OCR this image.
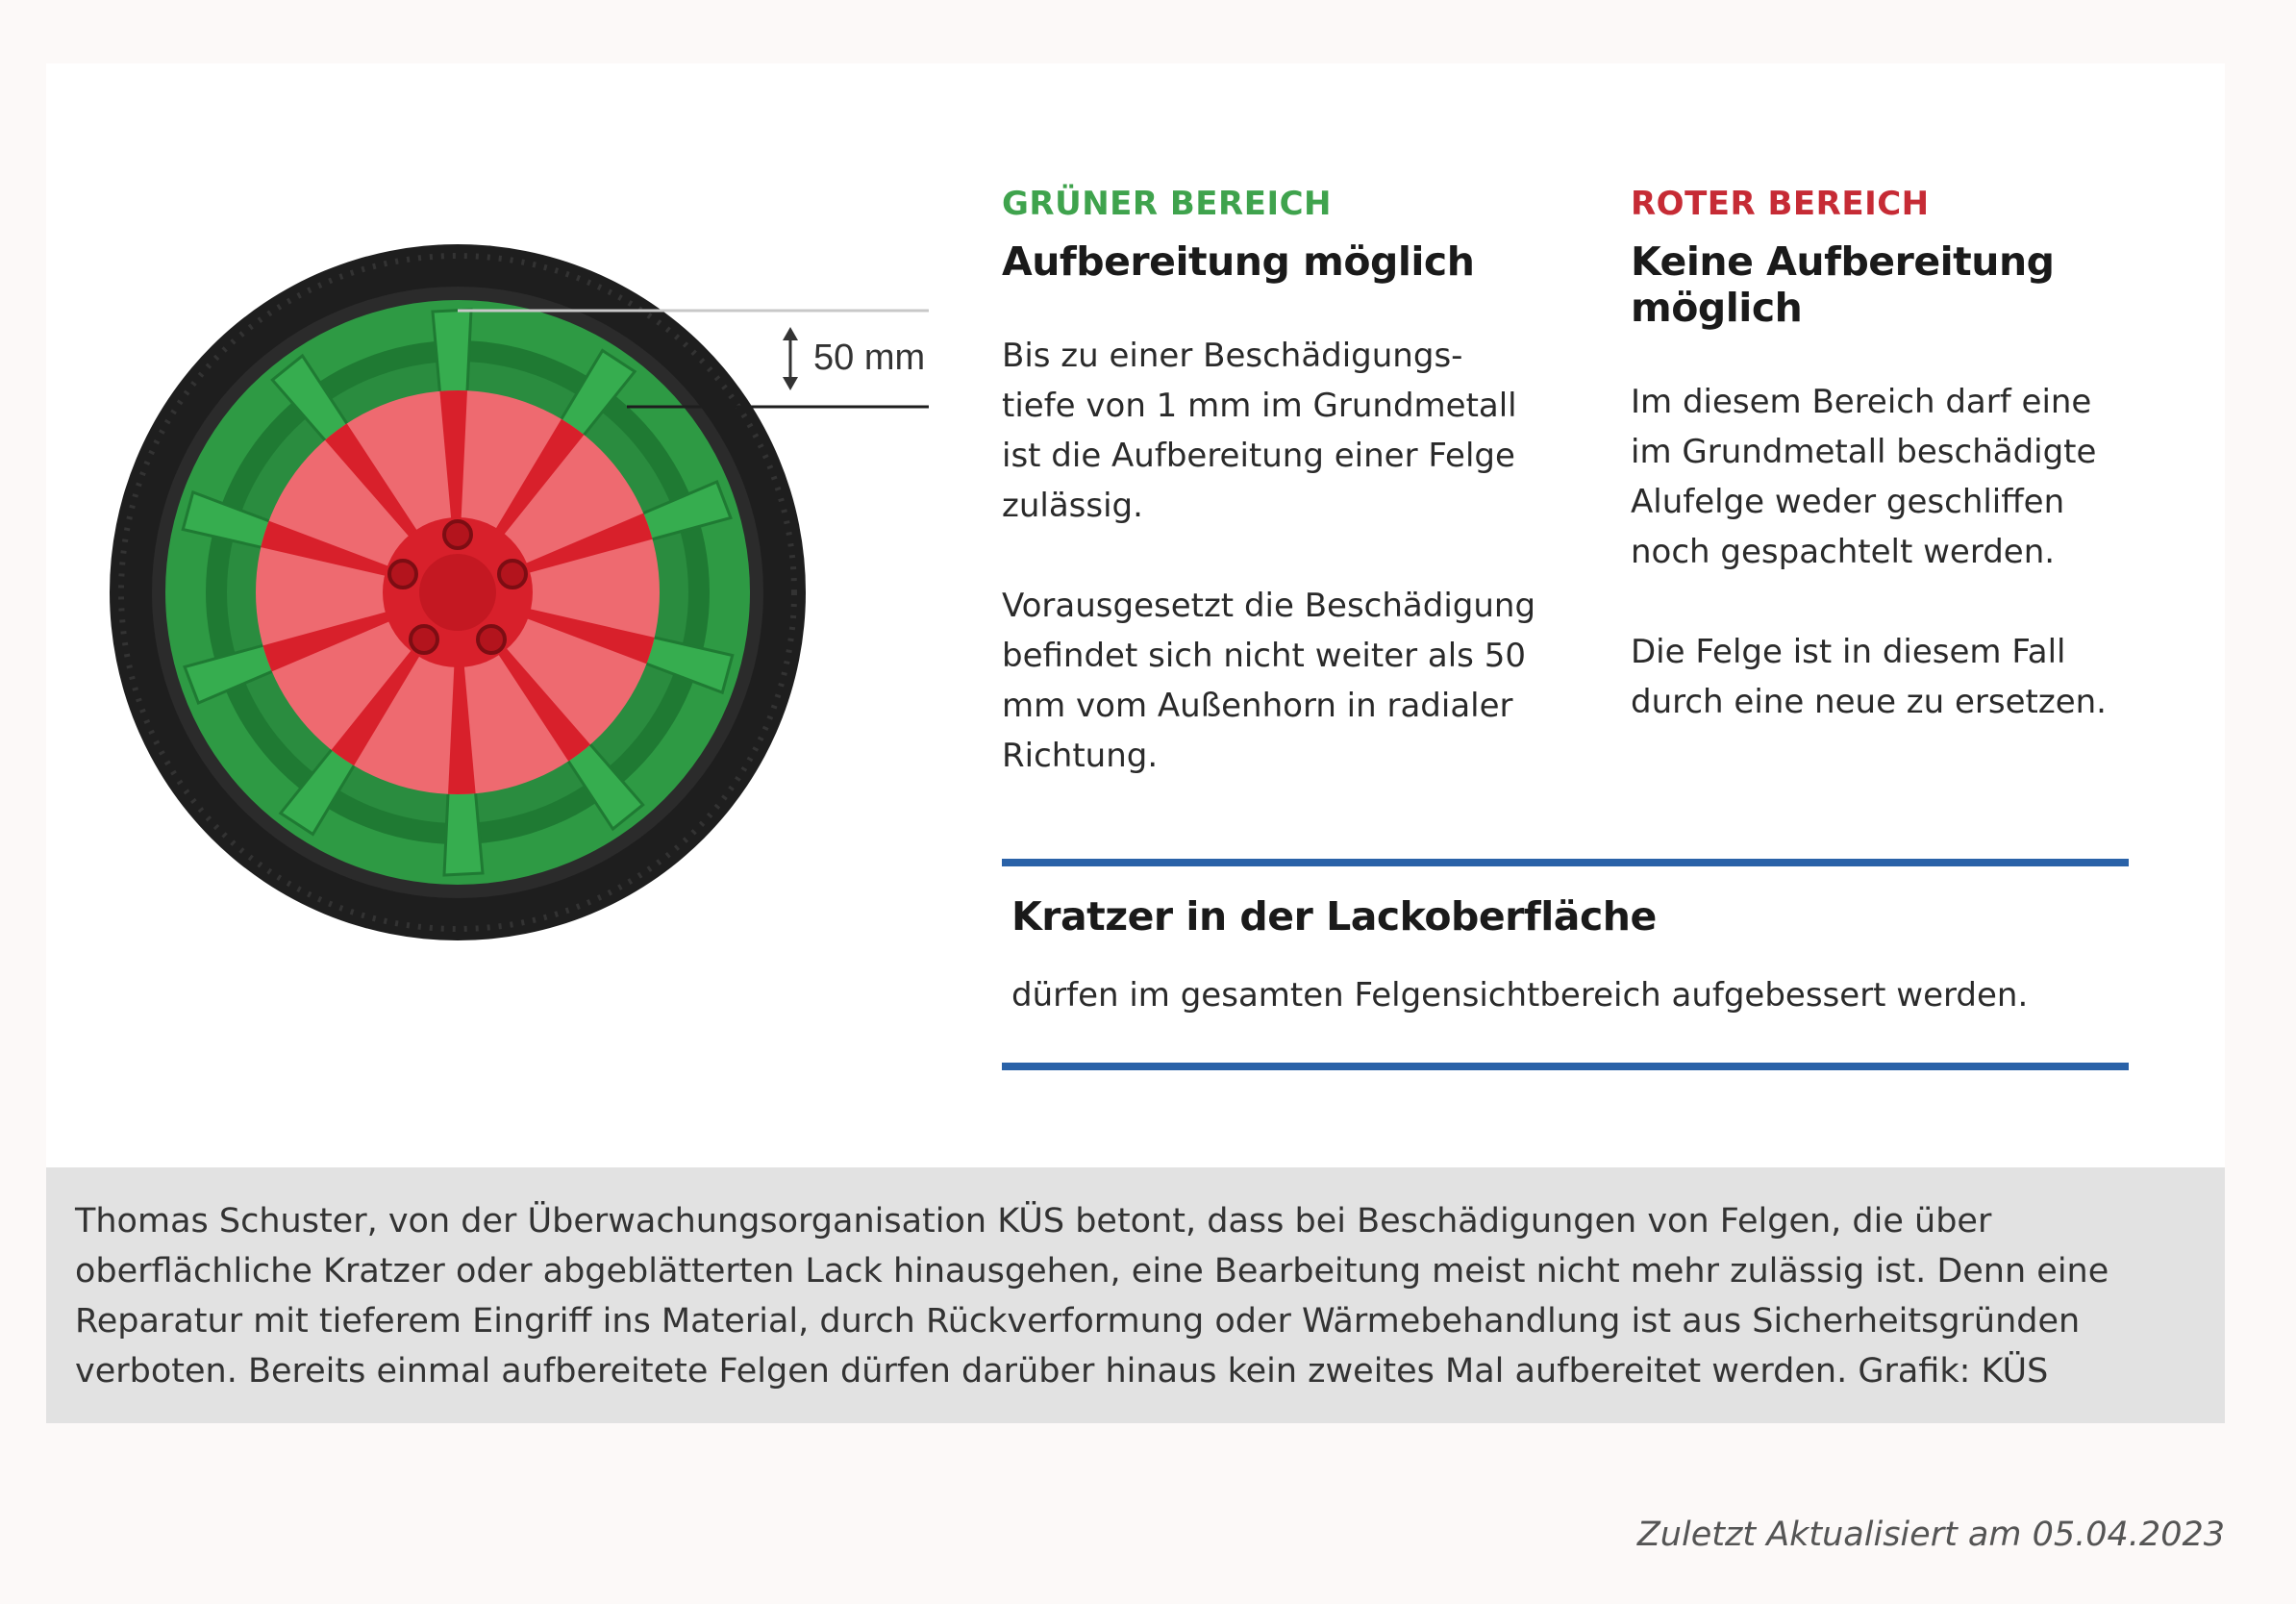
50 mm

GRÜNER BEREICH

Aufbereitung möglich

Bis zu einer Beschädigungs-
tiefe von 1 mm im Grundmetall
ist die Aufbereitung einer Felge
zulässig.

Vorausgesetzt die Beschädigung
befindet sich nicht weiter als 50
mm vom Außenhorn in radialer
Richtung.

ROTER BEREICH

Keine Aufbereitung möglich

Im diesem Bereich darf eine
im Grundmetall beschädigte
Alufelge weder geschliffen
noch gespachtelt werden.

Die Felge ist in diesem Fall
durch eine neue zu ersetzen.

Kratzer in der Lackoberfläche

dürfen im gesamten Felgensichtbereich aufgebessert werden.

Thomas Schuster, von der Überwachungsorganisation KÜS betont, dass bei Beschädigungen von Felgen, die über oberflächliche Kratzer oder abgeblätterten Lack hinausgehen, eine Bearbeitung meist nicht mehr zulässig ist. Denn eine Reparatur mit tieferem Eingriff ins Material, durch Rückverformung oder Wärmebehandlung ist aus Sicherheitsgründen verboten. Bereits einmal aufbereitete Felgen dürfen darüber hinaus kein zweites Mal aufbereitet werden. Grafik: KÜS

Zuletzt Aktualisiert am 05.04.2023
